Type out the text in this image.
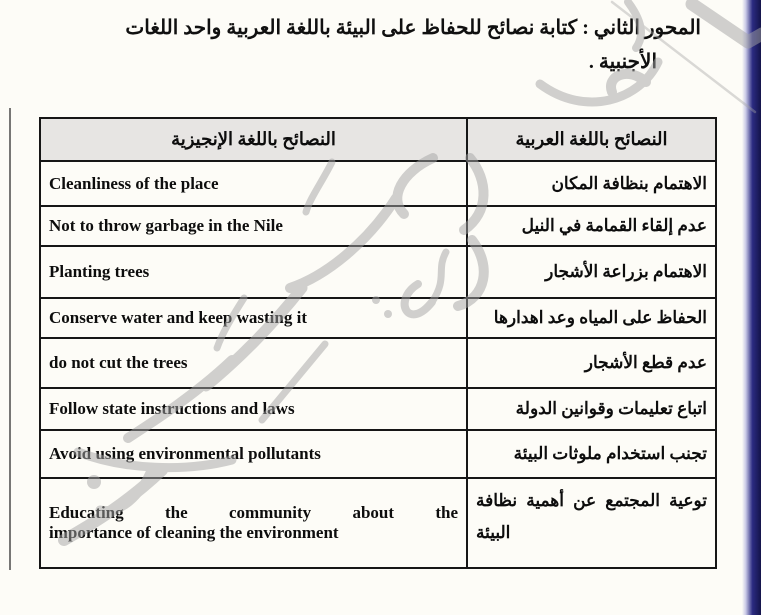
المحور الثاني : كتابة نصائح للحفاظ على البيئة باللغة العربية واحد اللغات
الأجنبية .
النصائح باللغة العربية	النصائح باللغة الإنجيزية
الاهتمام بنظافة المكان	Cleanliness of the place
عدم إلقاء القمامة في النيل	Not to throw garbage in the Nile
الاهتمام بزراعة الأشجار	Planting trees
الحفاظ على المياه وعد اهدارها	Conserve water and keep wasting it
عدم قطع الأشجار	do not cut the trees
اتباع تعليمات وقوانين الدولة	Follow state instructions and laws
تجنب استخدام ملوثات البيئة	Avoid using environmental pollutants
توعية المجتمع عن أهمية نظافة البيئة	Educating the community about the
importance of cleaning the environment
